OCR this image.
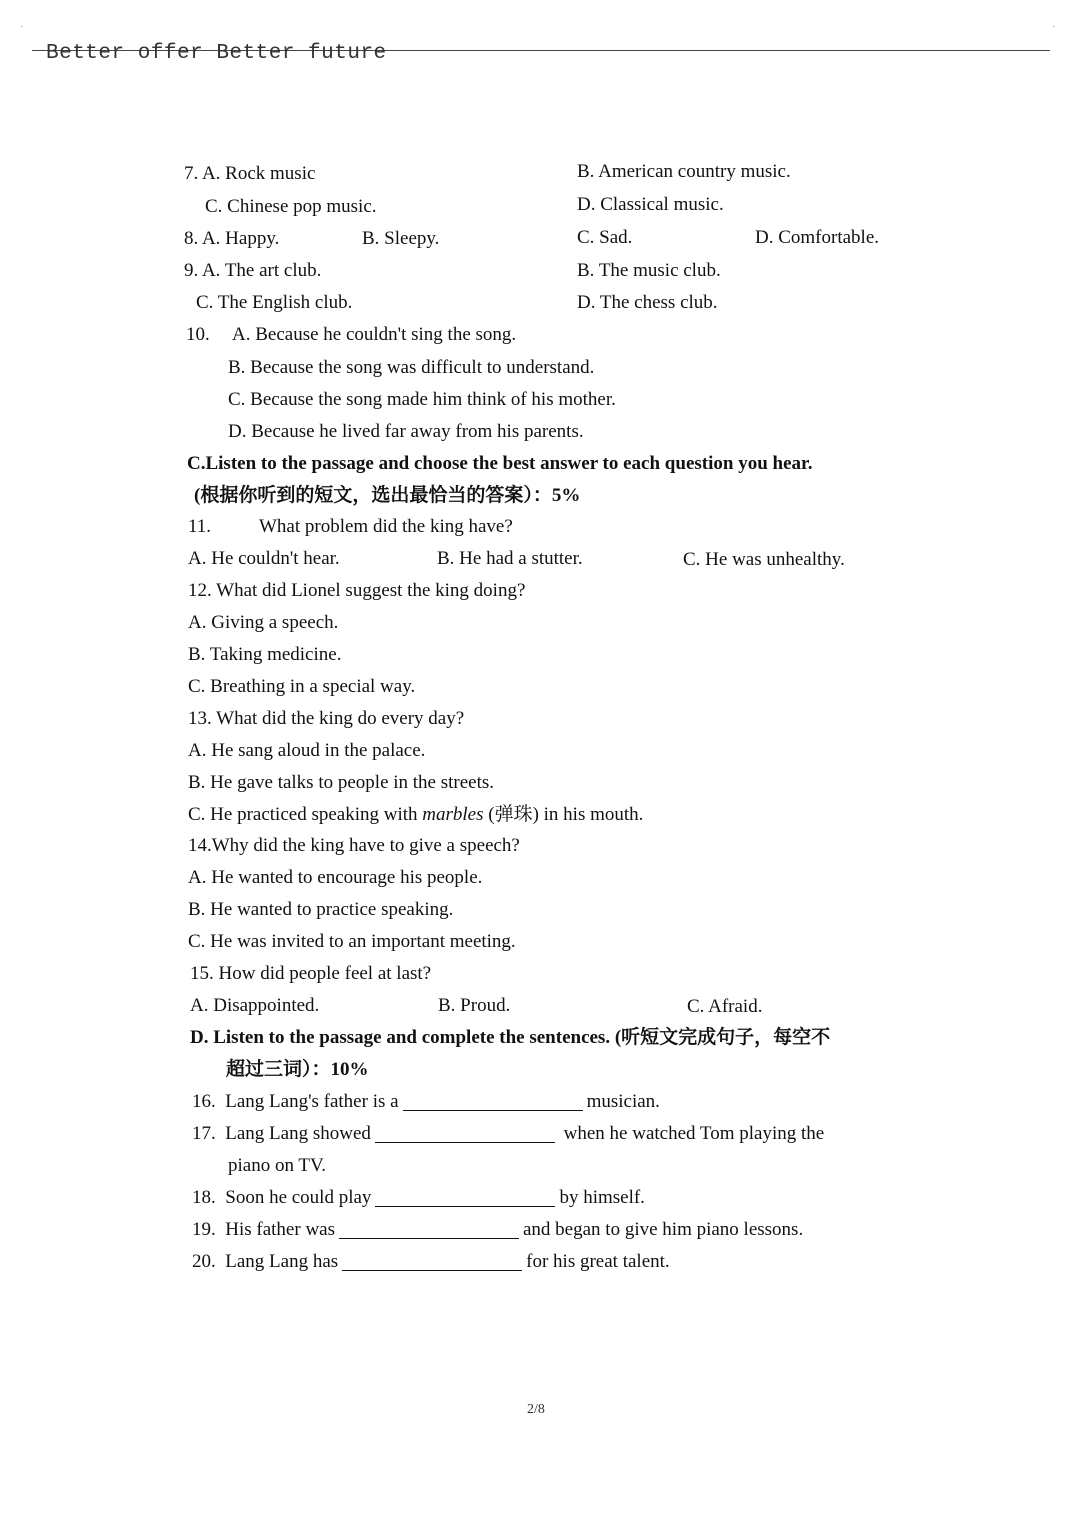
·	·
Better offer Better future
7. A. Rock music	B. American country music.
C. Chinese pop music.	D. Classical music.
8. A. Happy.	B. Sleepy.	C. Sad.	D. Comfortable.
9. A. The art club.	B. The music club.
C. The English club.	D. The chess club.
10. A. Because he couldn't sing the song.
B. Because the song was difficult to understand.
C. Because the song made him think of his mother.
D. Because he lived far away from his parents.
C.Listen to the passage and choose the best answer to each question you hear.
(根据你听到的短文，选出最恰当的答案）：5%
11.	What problem did the king have?
A. He couldn't hear.	B. He had a stutter.	C. He was unhealthy.
12. What did Lionel suggest the king doing?
A. Giving a speech.
B. Taking medicine.
C. Breathing in a special way.
13. What did the king do every day?
A. He sang aloud in the palace.
B. He gave talks to people in the streets.
C. He practiced speaking with marbles (弹珠) in his mouth.
14.Why did the king have to give a speech?
A. He wanted to encourage his people.
B. He wanted to practice speaking.
C. He was invited to an important meeting.
15. How did people feel at last?
A. Disappointed.	B. Proud.	C. Afraid.
D. Listen to the passage and complete the sentences. (听短文完成句子，每空不
超过三词）：10%
16. Lang Lang's father is a	musician.
17. Lang Lang showed	when he watched Tom playing the
piano on TV.
18. Soon he could play	by himself.
19. His father was	and began to give him piano lessons.
20. Lang Lang has	for his great talent.
2/8
